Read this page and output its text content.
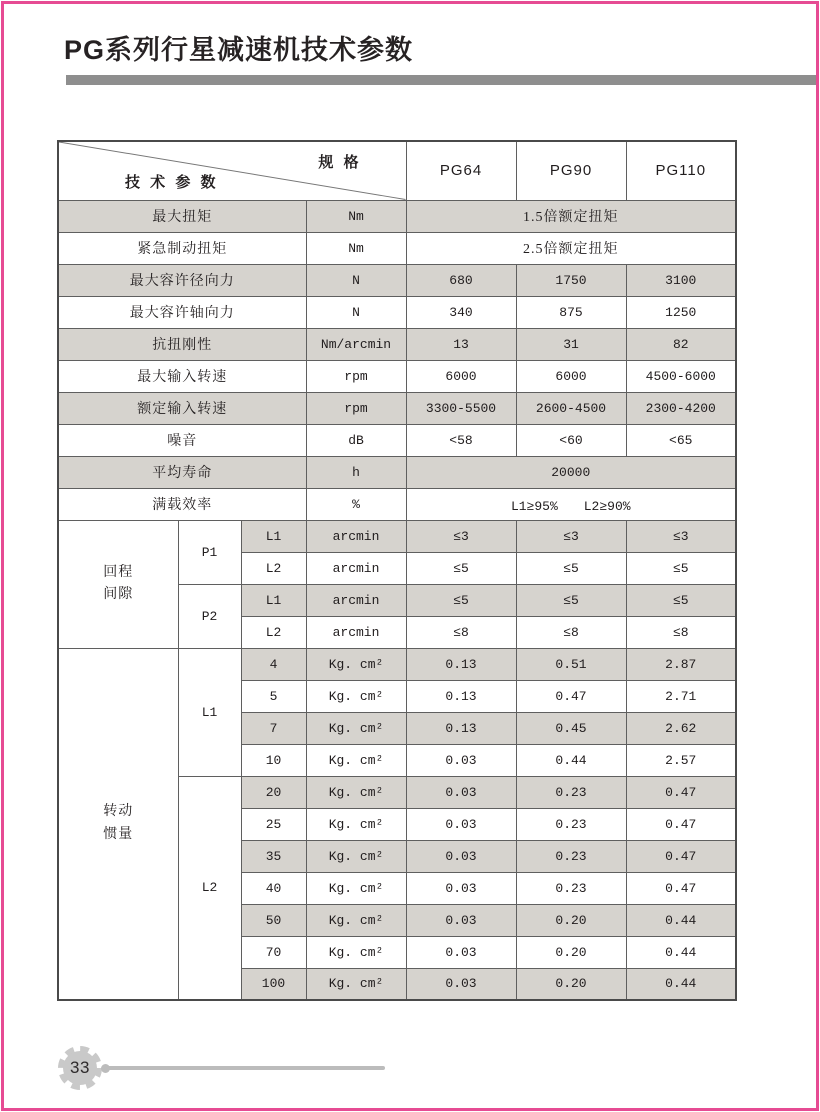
PG系列行星减速机技术参数
规 格
技 术 参 数				PG64	PG90	PG110
最大扭矩			Nm	1.5倍额定扭矩		
紧急制动扭矩			Nm	2.5倍额定扭矩		
最大容许径向力			N	680	1750	3100
最大容许轴向力			N	340	875	1250
抗扭刚性			Nm/arcmin	13	31	82
最大输入转速			rpm	6000	6000	4500-6000
额定输入转速			rpm	3300-5500	2600-4500	2300-4200
噪音			dB	<58	<60	<65
平均寿命			h	20000		
满载效率			%	L1≥95%　　L2≥90%		

回程
间隙	P1	L1	arcmin	≤3	≤3	≤3
		L2	arcmin	≤5	≤5	≤5
	P2	L1	arcmin	≤5	≤5	≤5
		L2	arcmin	≤8	≤8	≤8

转动
惯量	L1	4	Kg. cm²	0.13	0.51	2.87
		5	Kg. cm²	0.13	0.47	2.71
		7	Kg. cm²	0.13	0.45	2.62
		10	Kg. cm²	0.03	0.44	2.57
	L2	20	Kg. cm²	0.03	0.23	0.47
		25	Kg. cm²	0.03	0.23	0.47
		35	Kg. cm²	0.03	0.23	0.47
		40	Kg. cm²	0.03	0.23	0.47
		50	Kg. cm²	0.03	0.20	0.44
		70	Kg. cm²	0.03	0.20	0.44
		100	Kg. cm²	0.03	0.20	0.44
33
